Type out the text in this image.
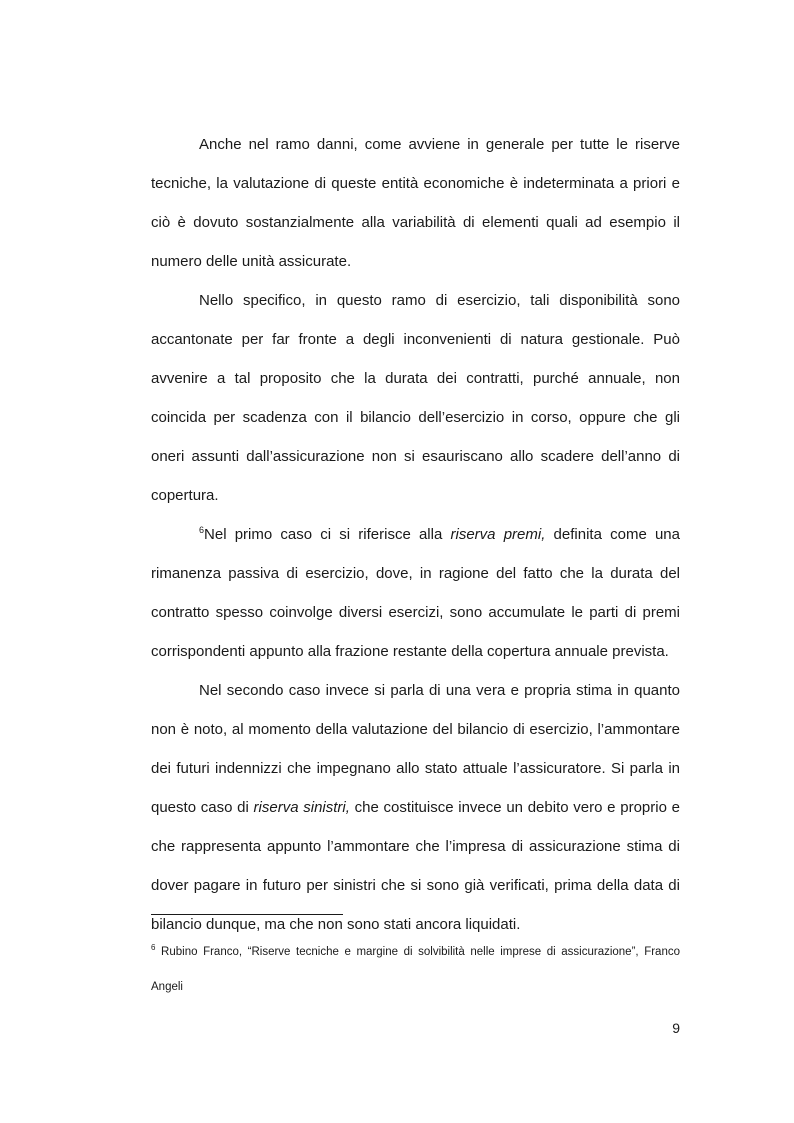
Anche nel ramo danni, come avviene in generale per tutte le riserve tecniche, la valutazione di queste entità economiche è indeterminata a priori e ciò è dovuto sostanzialmente alla variabilità di elementi quali ad esempio il numero delle unità assicurate.

Nello specifico, in questo ramo di esercizio, tali disponibilità sono accantonate per far fronte a degli inconvenienti di natura gestionale. Può avvenire a tal proposito che la durata dei contratti, purché annuale, non coincida per scadenza con il bilancio dell’esercizio in corso, oppure che gli oneri assunti dall’assicurazione non si esauriscano allo scadere dell’anno di copertura.

$^6$Nel primo caso ci si riferisce alla riserva premi, definita come una rimanenza passiva di esercizio, dove, in ragione del fatto che la durata del contratto spesso coinvolge diversi esercizi, sono accumulate le parti di premi corrispondenti appunto alla frazione restante della copertura annuale prevista.

Nel secondo caso invece si parla di una vera e propria stima in quanto non è noto, al momento della valutazione del bilancio di esercizio, l’ammontare dei futuri indennizzi che impegnano allo stato attuale l’assicuratore. Si parla in questo caso di riserva sinistri, che costituisce invece un debito vero e proprio e che rappresenta appunto l’ammontare che l’impresa di assicurazione stima di dover pagare in futuro per sinistri che si sono già verificati, prima della data di bilancio dunque, ma che non sono stati ancora liquidati.

$^6$ Rubino Franco, “Riserve tecniche e margine di solvibilità nelle imprese di assicurazione”, Franco Angeli

9
